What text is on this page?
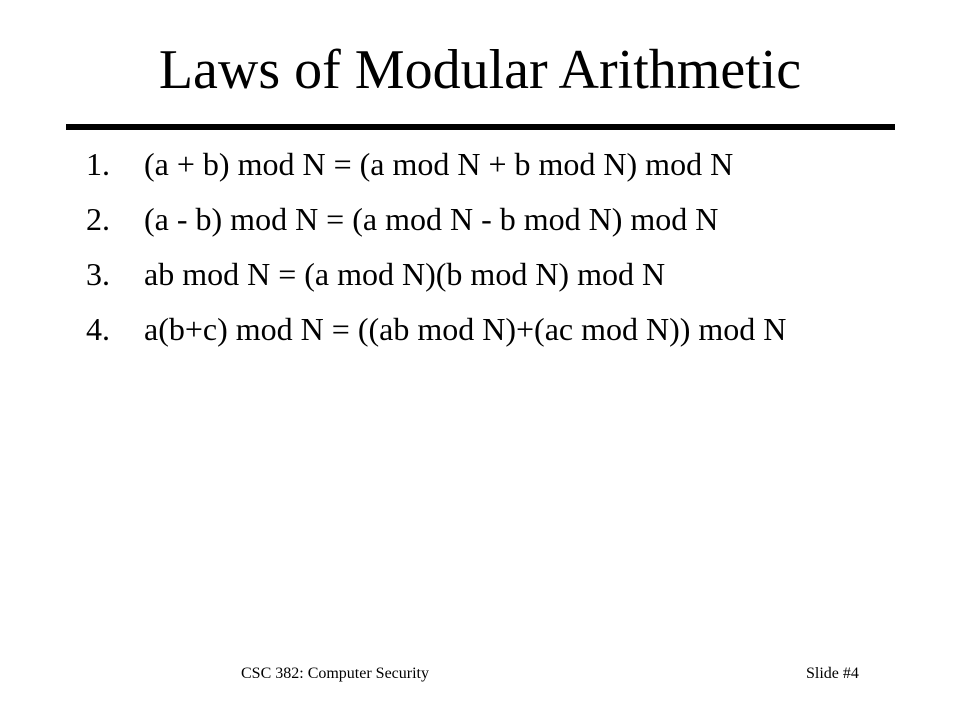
Laws of Modular Arithmetic
1.	(a + b) mod N = (a mod N + b mod N) mod N
2.	(a - b) mod N = (a mod N - b mod N) mod N
3.	ab mod N = (a mod N)(b mod N) mod N
4.	a(b+c) mod N = ((ab mod N)+(ac mod N)) mod N
CSC 382: Computer Security	Slide #4
